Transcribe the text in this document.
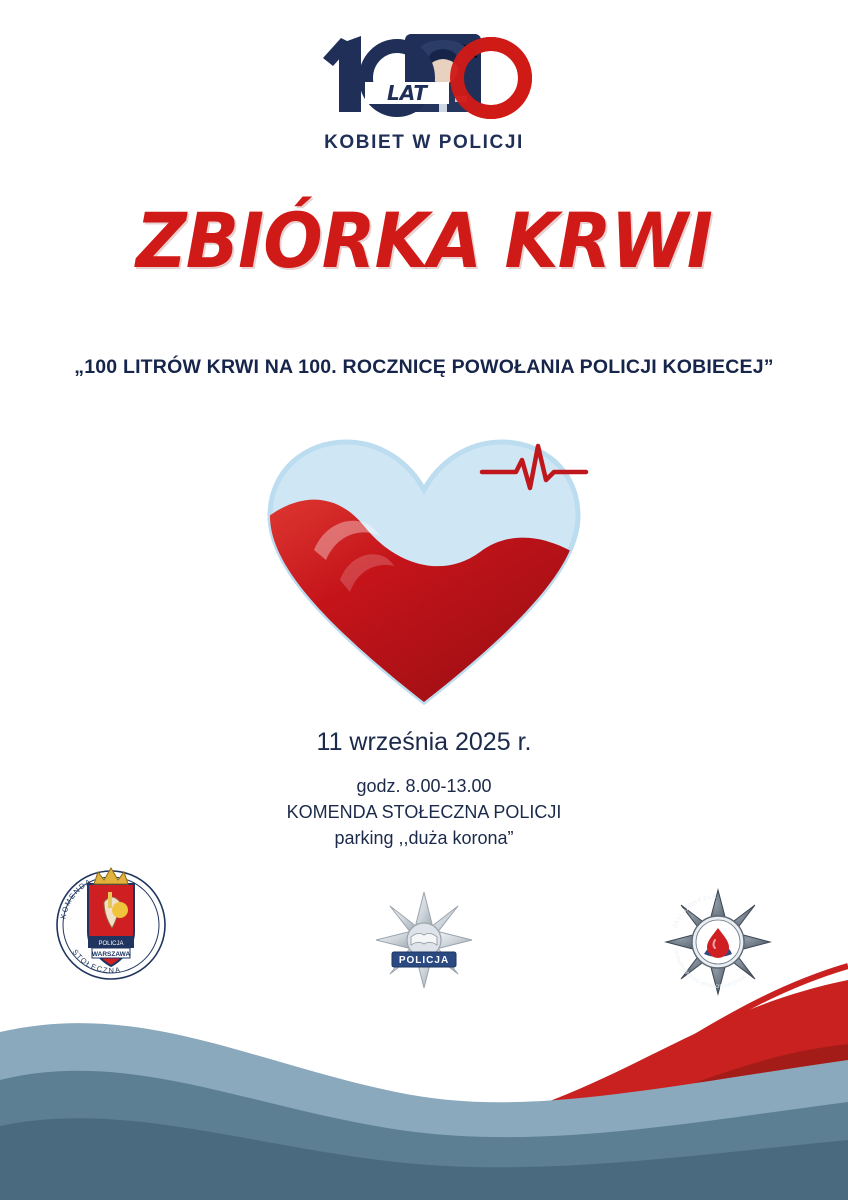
LAT
KOBIET W POLICJI
ZBIÓRKA KRWI
„100 LITRÓW KRWI NA 100. ROCZNICĘ POWOŁANIA POLICJI KOBIECEJ”
11 września 2025 r.
godz. 8.00-13.00
KOMENDA STOŁECZNA POLICJI
parking ,,duża korona”
POLICJA
WARSZAWA
KOMENDA
STOŁECZNA
POLICJA
ZASŁUŻONY DLA
HONOROWEGO KRWIODAWSTWA
